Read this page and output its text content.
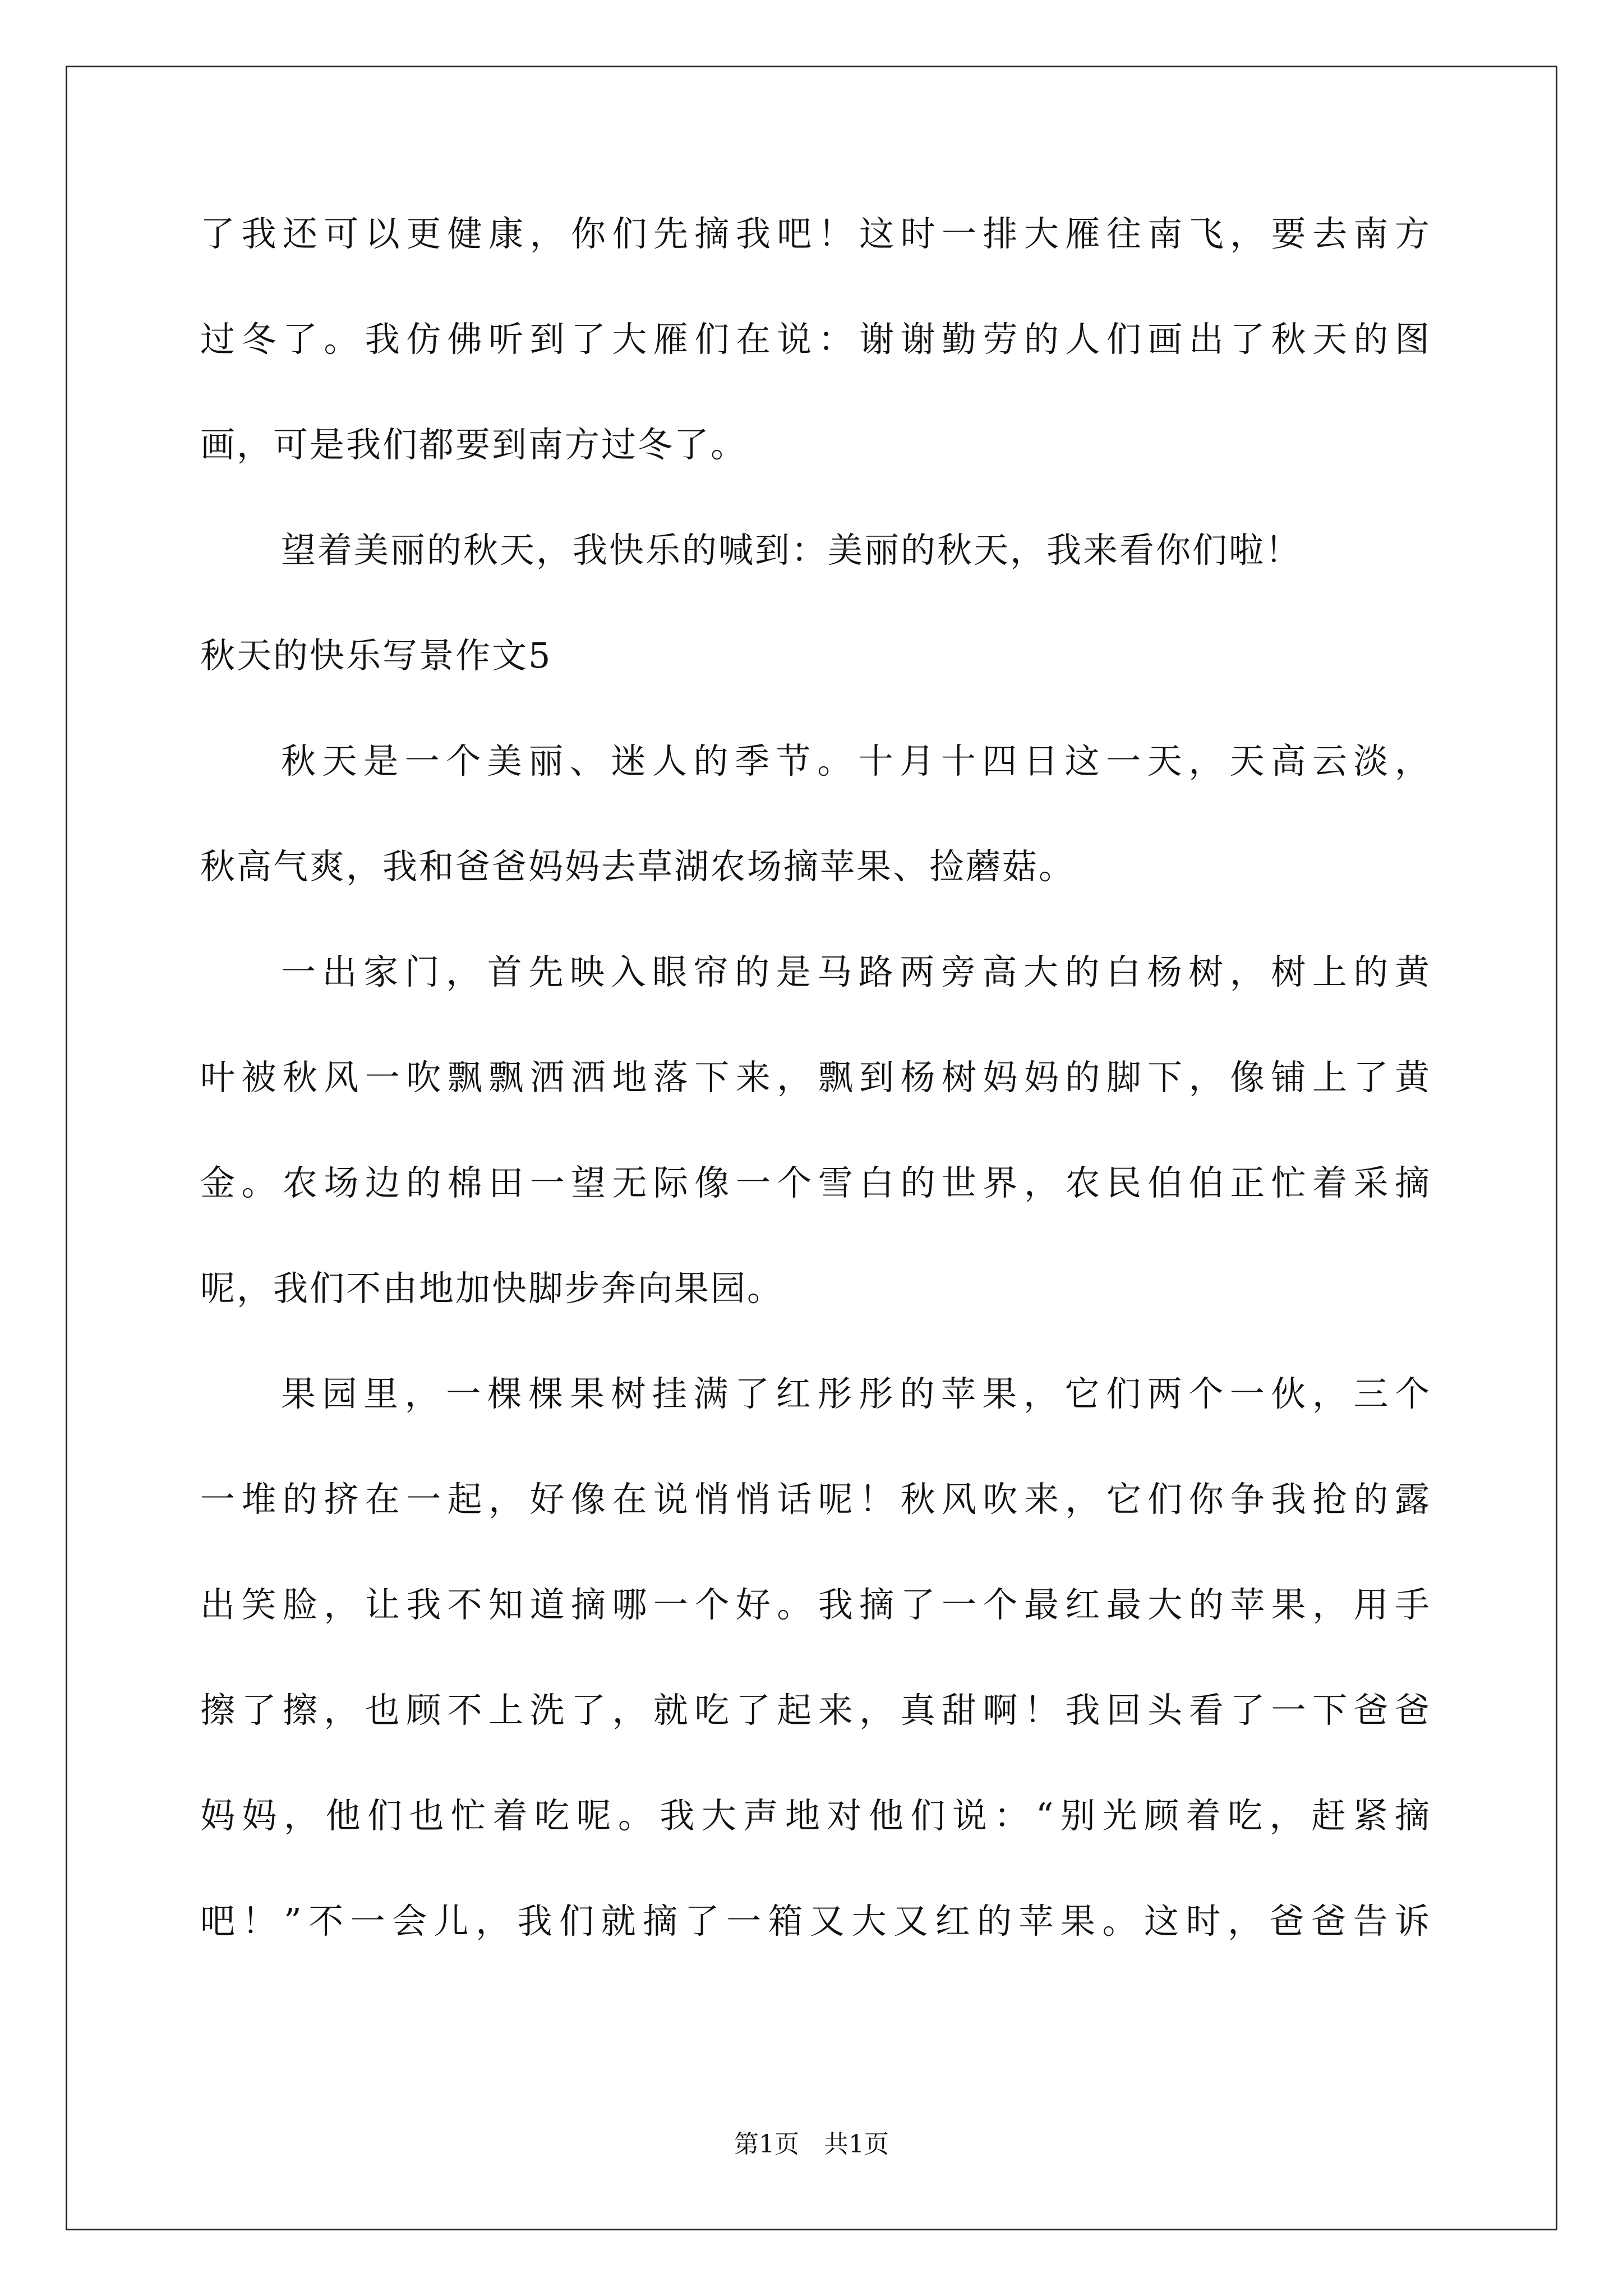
了我还可以更健康，你们先摘我吧！这时一排大雁往南飞，要去南方
过冬了。我仿佛听到了大雁们在说：谢谢勤劳的人们画出了秋天的图
画，可是我们都要到南方过冬了。
望着美丽的秋天，我快乐的喊到：美丽的秋天，我来看你们啦！
秋天的快乐写景作文5
秋天是一个美丽、迷人的季节。十月十四日这一天，天高云淡，
秋高气爽，我和爸爸妈妈去草湖农场摘苹果、捡蘑菇。
一出家门，首先映入眼帘的是马路两旁高大的白杨树，树上的黄
叶被秋风一吹飘飘洒洒地落下来，飘到杨树妈妈的脚下，像铺上了黄
金。农场边的棉田一望无际像一个雪白的世界，农民伯伯正忙着采摘
呢，我们不由地加快脚步奔向果园。
果园里，一棵棵果树挂满了红彤彤的苹果，它们两个一伙，三个
一堆的挤在一起，好像在说悄悄话呢！秋风吹来，它们你争我抢的露
出笑脸，让我不知道摘哪一个好。我摘了一个最红最大的苹果，用手
擦了擦，也顾不上洗了，就吃了起来，真甜啊！我回头看了一下爸爸
妈妈，他们也忙着吃呢。我大声地对他们说：“别光顾着吃，赶紧摘
吧！”不一会儿，我们就摘了一箱又大又红的苹果。这时，爸爸告诉
第1页 共1页
